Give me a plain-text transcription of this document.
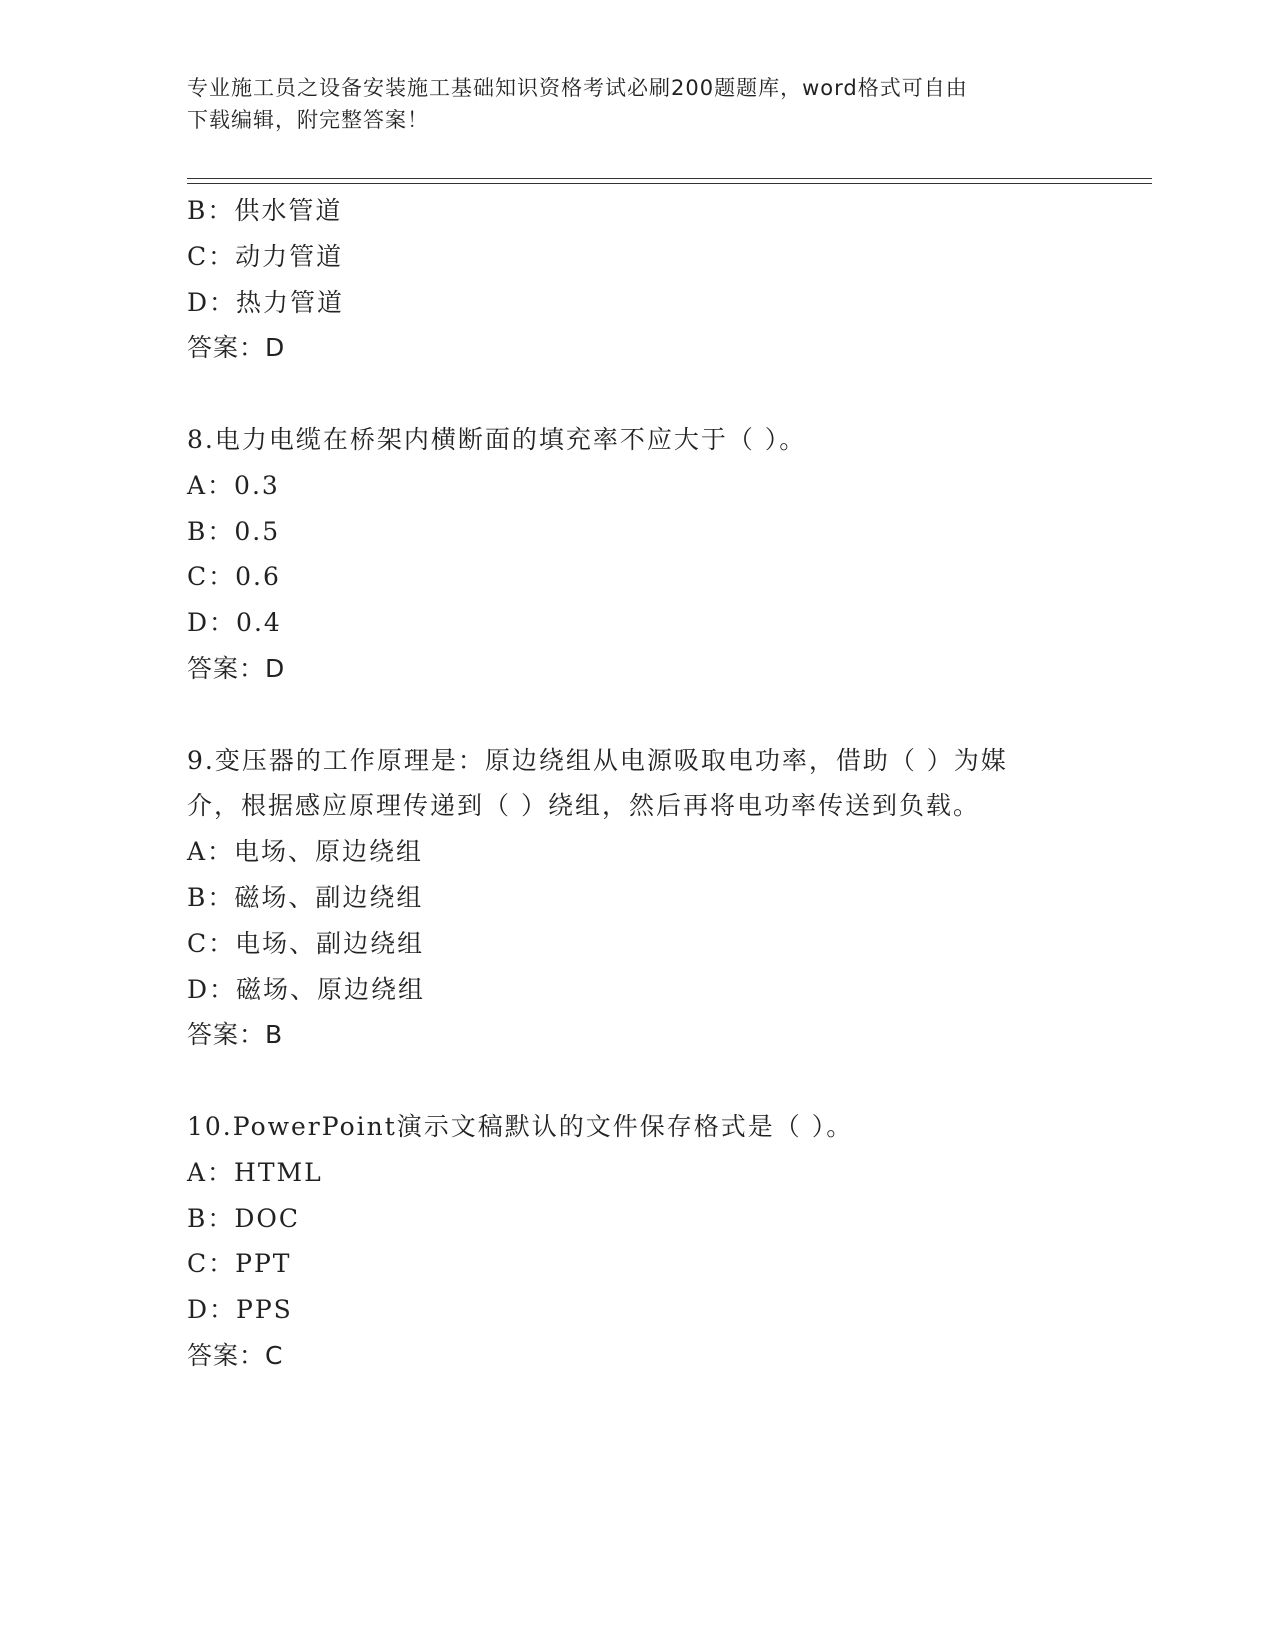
专业施工员之设备安装施工基础知识资格考试必刷200题题库，word格式可自由
下载编辑，附完整答案！
B：供水管道
C：动力管道
D：热力管道
答案：D
8.电力电缆在桥架内横断面的填充率不应大于（ ）。
A：0.3
B：0.5
C：0.6
D：0.4
答案：D
9.变压器的工作原理是：原边绕组从电源吸取电功率，借助（ ）为媒
介，根据感应原理传递到（ ）绕组，然后再将电功率传送到负载。
A：电场、原边绕组
B：磁场、副边绕组
C：电场、副边绕组
D：磁场、原边绕组
答案：B
10.PowerPoint演示文稿默认的文件保存格式是（ ）。
A：HTML
B：DOC
C：PPT
D：PPS
答案：C
